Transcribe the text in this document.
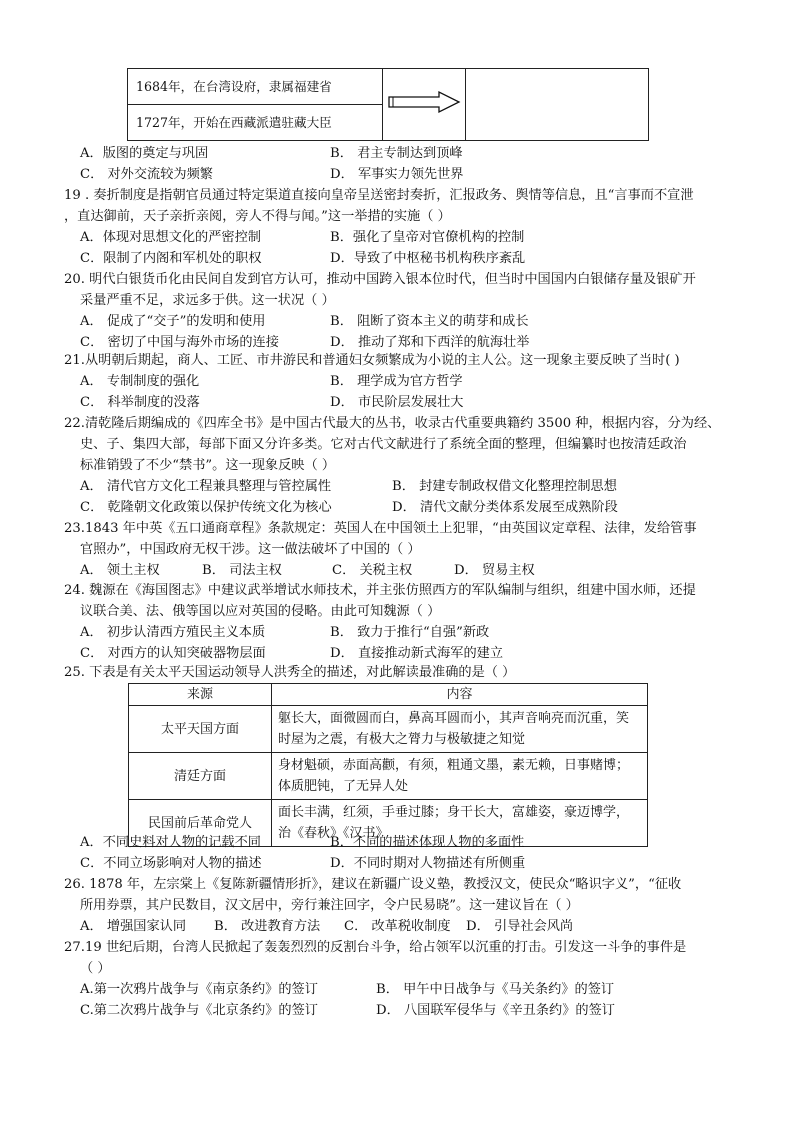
1684年，在台湾设府，隶属福建省		
1727年，开始在西藏派遣驻藏大臣
A．版图的奠定与巩固	B． 君主专制达到顶峰
C． 对外交流较为频繁	D． 军事实力领先世界
19 . 奏折制度是指朝官员通过特定渠道直接向皇帝呈送密封奏折，汇报政务、舆情等信息，且“言事而不宣泄
，直达御前，天子亲折亲阅，旁人不得与闻。”这一举措的实施（ ）
A．体现对思想文化的严密控制	B．强化了皇帝对官僚机构的控制
C．限制了内阁和军机处的职权	D．导致了中枢秘书机构秩序紊乱
20. 明代白银货币化由民间自发到官方认可，推动中国跨入银本位时代，但当时中国国内白银储存量及银矿开
采量严重不足，求远多于供。这一状况（ ）
A． 促成了“交子”的发明和使用	B． 阻断了资本主义的萌芽和成长
C． 密切了中国与海外市场的连接	D． 推动了郑和下西洋的航海壮举
21.从明朝后期起，商人、工匠、市井游民和普通妇女频繁成为小说的主人公。这一现象主要反映了当时( )
A． 专制制度的强化	B． 理学成为官方哲学
C． 科举制度的没落	D． 市民阶层发展壮大
22.清乾隆后期编成的《四库全书》是中国古代最大的丛书，收录古代重要典籍约 3500 种，根据内容，分为经、
史、子、集四大部，每部下面又分许多类。它对古代文献进行了系统全面的整理，但编纂时也按清廷政治
标准销毁了不少“禁书”。这一现象反映（ ）
A． 清代官方文化工程兼具整理与管控属性	B． 封建专制政权借文化整理控制思想
C． 乾隆朝文化政策以保护传统文化为核心	D． 清代文献分类体系发展至成熟阶段
23.1843 年中英《五口通商章程》条款规定：英国人在中国领土上犯罪，“由英国议定章程、法律，发给管事
官照办”，中国政府无权干涉。这一做法破坏了中国的（ ）
A． 领土主权	B． 司法主权	C． 关税主权	D． 贸易主权
24. 魏源在《海国图志》中建议武举增试水师技术，并主张仿照西方的军队编制与组织，组建中国水师，还提
议联合美、法、俄等国以应对英国的侵略。由此可知魏源（ ）
A． 初步认清西方殖民主义本质	B． 致力于推行“自强”新政
C． 对西方的认知突破器物层面	D． 直接推动新式海军的建立
25. 下表是有关太平天国运动领导人洪秀全的描述，对此解读最准确的是（ ）
来源	内容
太平天国方面	躯长大，面微圆而白，鼻高耳圆而小，其声音响亮而沉重，笑时屋为之震，有极大之膂力与极敏捷之知觉
清廷方面	身材魁硕，赤面高颧，有须，粗通文墨，素无赖，日事赌博；体质肥钝，了无异人处
民国前后革命党人	面长丰满，红须，手垂过膝；身干长大，富雄姿，豪迈博学，治《春秋》《汉书》
A．不同史料对人物的记载不同	B．不同的描述体现人物的多面性
C．不同立场影响对人物的描述	D．不同时期对人物描述有所侧重
26. 1878 年，左宗棠上《复陈新疆情形折》，建议在新疆广设义塾，教授汉文，使民众“略识字义”，“征收
所用券票，其户民数目，汉文居中，旁行兼注回字，令户民易晓”。这一建议旨在（ ）
A． 增强国家认同 B． 改进教育方法 C． 改革税收制度 D． 引导社会风尚
27.19 世纪后期，台湾人民掀起了轰轰烈烈的反割台斗争，给占领军以沉重的打击。引发这一斗争的事件是
（ ）
A.第一次鸦片战争与《南京条约》的签订	B． 甲午中日战争与《马关条约》的签订
C.第二次鸦片战争与《北京条约》的签订	D． 八国联军侵华与《辛丑条约》的签订
